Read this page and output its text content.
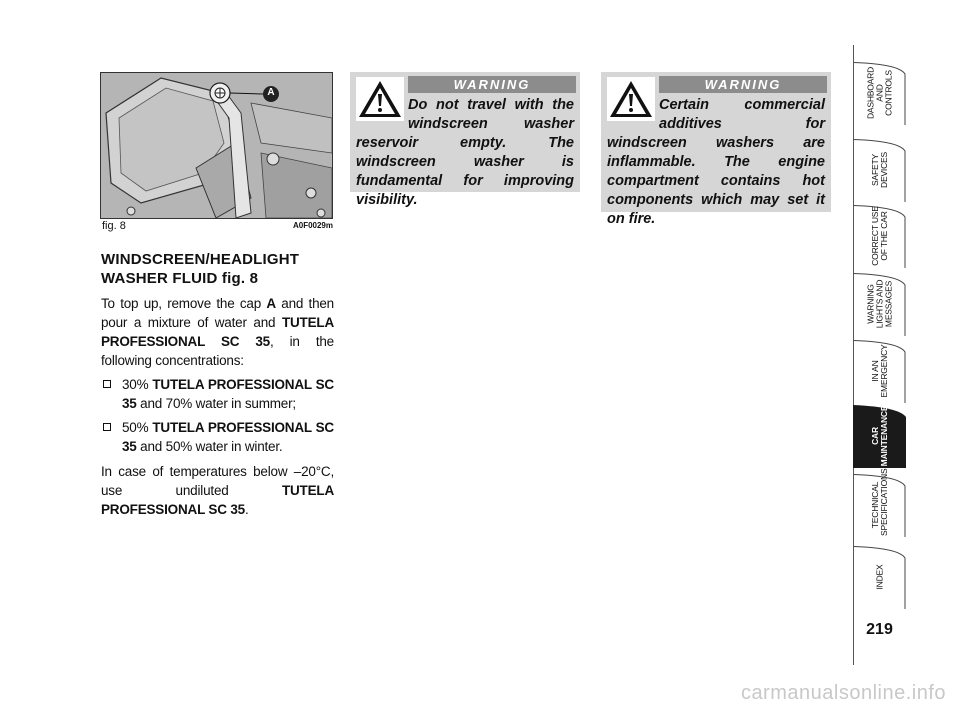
A
fig. 8	A0F0029m
WINDSCREEN/HEADLIGHT
WASHER FLUID fig. 8
To top up, remove the cap A and then pour a mixture of water and TUTELA PROFESSIONAL SC 35, in the following concentrations:
30% TUTELA PROFESSIONAL SC 35 and 70% water in summer;
50% TUTELA PROFESSIONAL SC 35 and 50% water in winter.
In case of temperatures below –20°C, use undiluted TUTELA PROFESSIONAL SC 35.
WARNING
Do not travel with the windscreen washer reservoir empty. The windscreen washer is fundamental for improving visibility.
WARNING
Certain commercial additives for windscreen washers are inflammable. The engine compartment contains hot components which may set it on fire.
DASHBOARD
AND
CONTROLS
SAFETY
DEVICES
CORRECT USE
OF THE CAR
WARNING
LIGHTS AND
MESSAGES
IN AN
EMERGENCY
CAR
MAINTENANCE
TECHNICAL
SPECIFICATIONS
INDEX
219
carmanualsonline.info
